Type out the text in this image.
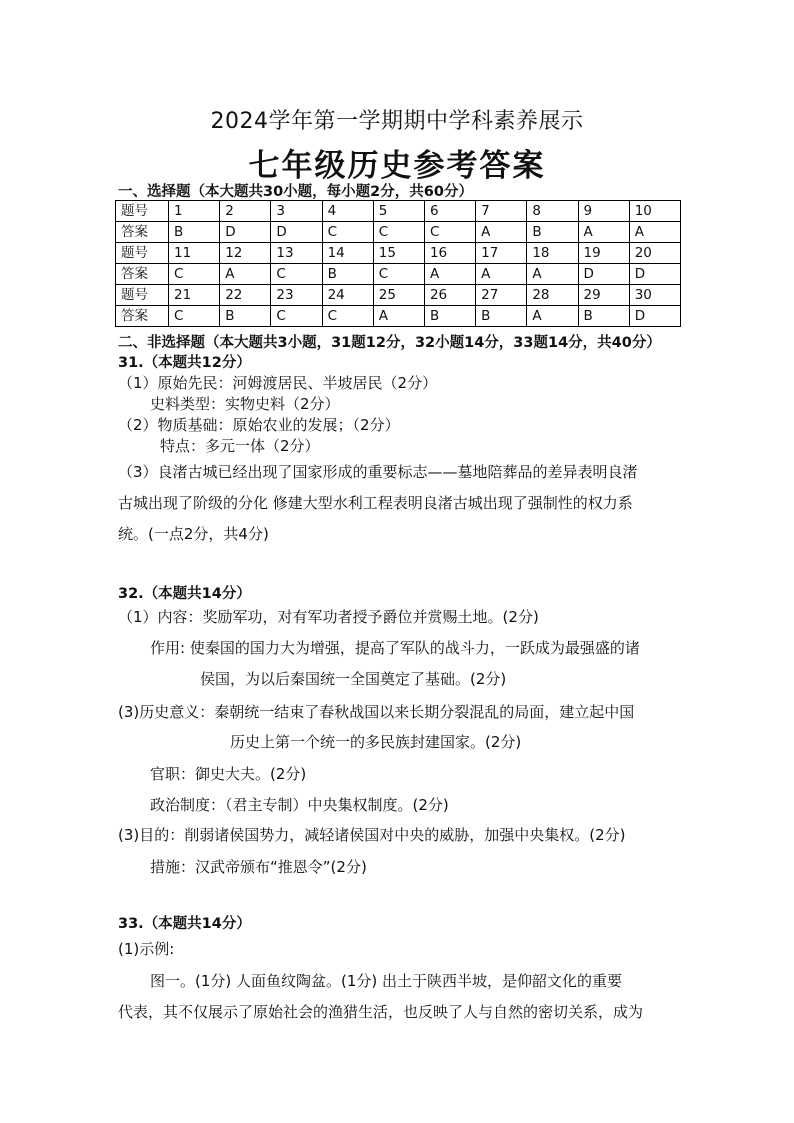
2024学年第一学期期中学科素养展示
七年级历史参考答案
一、选择题（本大题共30小题，每小题2分，共60分）
题号	1	2	3	4	5	6	7	8	9	10
答案	B	D	D	C	C	C	A	B	A	A
题号	11	12	13	14	15	16	17	18	19	20
答案	C	A	C	B	C	A	A	A	D	D
题号	21	22	23	24	25	26	27	28	29	30
答案	C	B	C	C	A	B	B	A	B	D
二、非选择题（本大题共3小题，31题12分，32小题14分，33题14分，共40分）
31.（本题共12分）
（1）原始先民：河姆渡居民、半坡居民（2分）
史料类型：实物史料（2分）
（2）物质基础：原始农业的发展；（2分）
特点：多元一体（2分）
（3）良渚古城已经出现了国家形成的重要标志——墓地陪葬品的差异表明良渚
古城出现了阶级的分化 修建大型水利工程表明良渚古城出现了强制性的权力系
统。(一点2分，共4分)
32.（本题共14分）
（1）内容：奖励军功，对有军功者授予爵位并赏赐土地。(2分)
作用: 使秦国的国力大为增强，提高了军队的战斗力，一跃成为最强盛的诸
侯国，为以后秦国统一全国奠定了基础。(2分)
(3)历史意义：秦朝统一结束了春秋战国以来长期分裂混乱的局面，建立起中国
历史上第一个统一的多民族封建国家。(2分)
官职：御史大夫。(2分)
政治制度：（君主专制）中央集权制度。(2分)
(3)目的：削弱诸侯国势力，减轻诸侯国对中央的威胁，加强中央集权。(2分)
措施：汉武帝颁布“推恩令”(2分)
33.（本题共14分）
(1)示例:
图一。(1分) 人面鱼纹陶盆。(1分) 出土于陕西半坡，是仰韶文化的重要
代表，其不仅展示了原始社会的渔猎生活，也反映了人与自然的密切关系，成为
